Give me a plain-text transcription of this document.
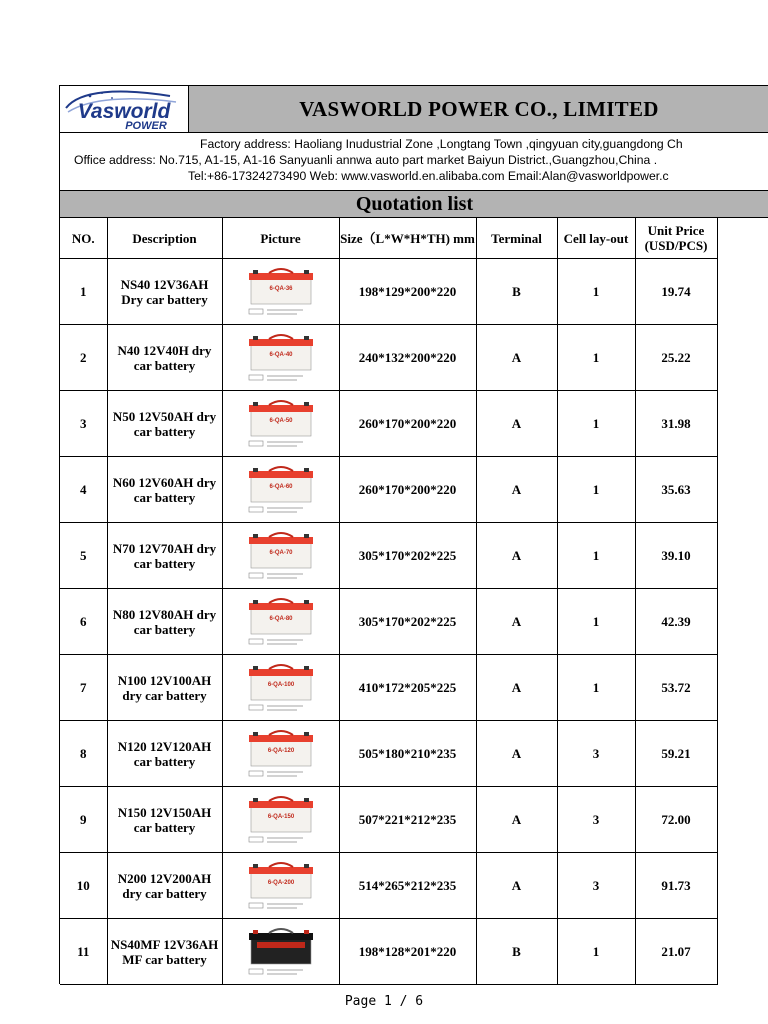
Vasworld
POWER
VASWORLD POWER CO., LIMITED
Factory address: Haoliang Inudustrial Zone ,Longtang Town ,qingyuan city,guangdong Ch
Office address: No.715, A1-15, A1-16 Sanyuanli annwa auto part market Baiyun District.,Guangzhou,China .
Tel:+86-17324273490 Web: www.vasworld.en.alibaba.com Email:Alan@vasworldpower.c
Quotation list
NO.	Description	Picture	Size（L*W*H*TH) mm	Terminal	Cell lay-out	Unit Price (USD/PCS)
1	NS40 12V36AH Dry car battery	6-QA-36	198*129*200*220	B	1	19.74
2	N40 12V40H dry car battery	6-QA-40	240*132*200*220	A	1	25.22
3	N50 12V50AH dry car battery	6-QA-50	260*170*200*220	A	1	31.98
4	N60 12V60AH dry car battery	6-QA-60	260*170*200*220	A	1	35.63
5	N70 12V70AH dry car battery	6-QA-70	305*170*202*225	A	1	39.10
6	N80 12V80AH dry car battery	6-QA-80	305*170*202*225	A	1	42.39
7	N100 12V100AH dry car battery	6-QA-100	410*172*205*225	A	1	53.72
8	N120 12V120AH car battery	6-QA-120	505*180*210*235	A	3	59.21
9	N150 12V150AH car battery	6-QA-150	507*221*212*235	A	3	72.00
10	N200 12V200AH dry car battery	6-QA-200	514*265*212*235	A	3	91.73
11	NS40MF 12V36AH MF car battery		198*128*201*220	B	1	21.07
Page 1 / 6
